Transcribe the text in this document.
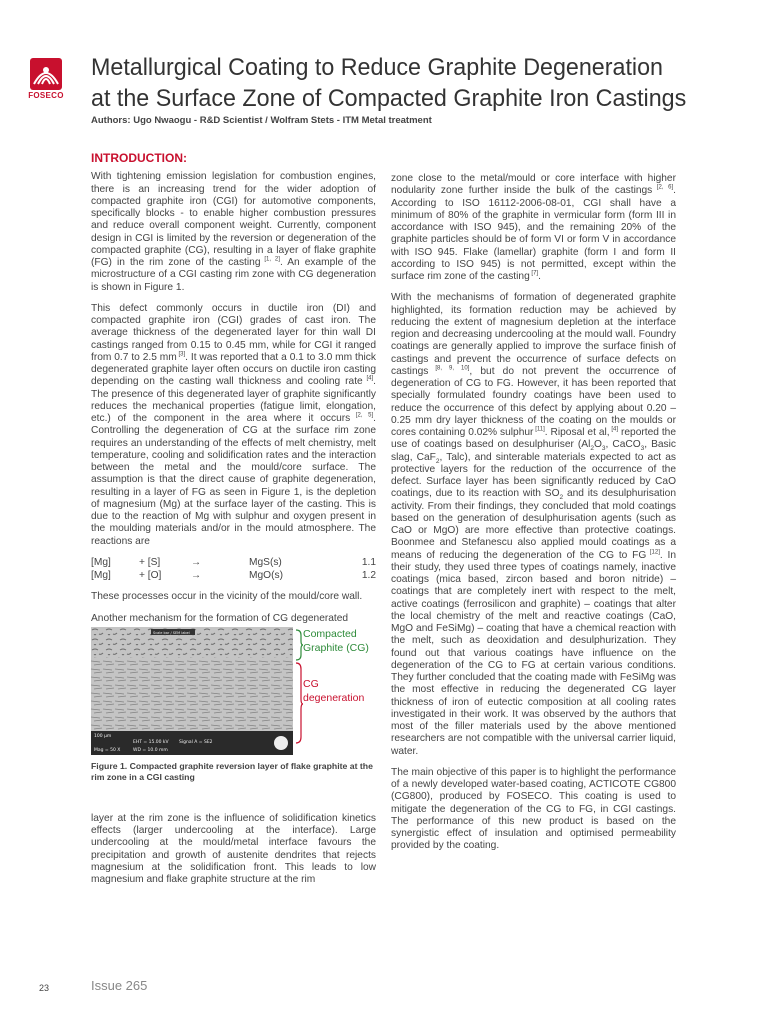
FOSECO
Metallurgical Coating to Reduce Graphite Degeneration
at the Surface Zone of Compacted Graphite Iron Castings
Authors: Ugo Nwaogu - R&D Scientist / Wolfram Stets - ITM Metal treatment
INTRODUCTION:

With tightening emission legislation for combustion engines, there is an increasing trend for the wider adoption of compacted graphite iron (CGI) for automotive components, specifically blocks - to enable higher combustion pressures and reduce overall component weight. Currently, component design in CGI is limited by the reversion or degeneration of the compacted graphite (CG), resulting in a layer of flake graphite (FG) in the rim zone of the casting [1, 2]. An example of the microstructure of a CGI casting rim zone with CG degeneration is shown in Figure 1.

This defect commonly occurs in ductile iron (DI) and compacted graphite iron (CGI) grades of cast iron. The average thickness of the degenerated layer for thin wall DI castings ranged from 0.15 to 0.45 mm, while for CGI it ranged from 0.7 to 2.5 mm [3]. It was reported that a 0.1 to 3.0 mm thick degenerated graphite layer often occurs on ductile iron casting depending on the casting wall thickness and cooling rate [4]. The presence of this degenerated layer of graphite significantly reduces the mechanical properties (fatigue limit, elongation, etc.) of the component in the area where it occurs [2, 5]. Controlling the degeneration of CG at the surface rim zone requires an understanding of the effects of melt chemistry, melt temperature, cooling and solidification rates and the interaction between the metal and the mould/core surface. The assumption is that the direct cause of graphite degeneration, resulting in a layer of FG as seen in Figure 1, is the depletion of magnesium (Mg) at the surface layer of the casting. This is due to the reaction of Mg with sulphur and oxygen present in the moulding materials and/or in the mould atmosphere. The reactions are

[Mg]	+ [S]	→	MgS(s)	1.1
[Mg]	+ [O]	→	MgO(s)	1.2

These processes occur in the vicinity of the mould/core wall.

Another mechanism for the formation of CG degenerated

Scale bar / SEM label
100 µm
Mag = 50 X
EHT = 15.00 kV
WD = 10.0 mm
Signal A = SE2
Compacted Graphite (CG)
CG degeneration
Figure 1. Compacted graphite reversion layer of flake graphite at the rim zone in a CGI casting

layer at the rim zone is the influence of solidification kinetics effects (larger undercooling at the interface). Large undercooling at the mould/metal interface favours the precipitation and growth of austenite dendrites that rejects magnesium at the solidification front. This leads to low magnesium and flake graphite structure at the rim

zone close to the metal/mould or core interface with higher nodularity zone further inside the bulk of the castings [2, 6]. According to ISO 16112-2006-08-01, CGI shall have a minimum of 80% of the graphite in vermicular form (form III in accordance with ISO 945), and the remaining 20% of the graphite particles should be of form VI or form V in accordance with ISO 945. Flake (lamellar) graphite (form I and form II according to ISO 945) is not permitted, except within the surface rim zone of the casting [7].

With the mechanisms of formation of degenerated graphite highlighted, its formation reduction may be achieved by reducing the extent of magnesium depletion at the interface region and decreasing undercooling at the mould wall. Foundry coatings are generally applied to improve the surface finish of castings and prevent the occurrence of surface defects on castings [8, 9, 10], but do not prevent the occurrence of degeneration of CG to FG. However, it has been reported that specially formulated foundry coatings have been used to reduce the occurrence of this defect by applying about 0.20 – 0.25 mm dry layer thickness of the coating on the moulds or cores containing 0.02% sulphur [11]. Riposal et al, [4] reported the use of coatings based on desulphuriser ($Al_2O_3$, CaCO$_3$, Basic slag, CaF$_2$, Talc), and sinterable materials expected to act as protective layers for the reduction of the occurrence of the defect. Surface layer has been significantly reduced by CaO coatings, due to its reaction with $SO_2$ and its desulphurisation activity. From their findings, they concluded that mold coatings based on the generation of desulphurisation agents (such as CaO or MgO) are more effective than protective coatings. Boonmee and Stefanescu also applied mould coatings as a means of reducing the degeneration of the CG to FG [12]. In their study, they used three types of coatings namely, inactive coatings (mica based, zircon based and boron nitride) – coatings that are completely inert with respect to the melt, active coatings (ferrosilicon and graphite) – coatings that alter the local chemistry of the melt and reactive coatings (CaO, MgO and FeSiMg) – coating that have a chemical reaction with the melt, such as deoxidation and desulphurization. They found out that various coatings have influence on the degeneration of the CG to FG at certain various conditions. They further concluded that the coating made with FeSiMg was the most effective in reducing the degenerated CG layer thickness of iron of eutectic composition at all cooling rates investigated in their work. It was observed by the authors that most of the filler materials used by the above mentioned researchers are not compatible with the universal carrier liquid, water.

The main objective of this paper is to highlight the performance of a newly developed water-based coating, ACTICOTE CG800 (CG800), produced by FOSECO. This coating is used to mitigate the degeneration of the CG to FG, in CGI castings. The performance of this new product is based on the synergistic effect of insulation and optimised permeability provided by the coating.

23	Issue 265
